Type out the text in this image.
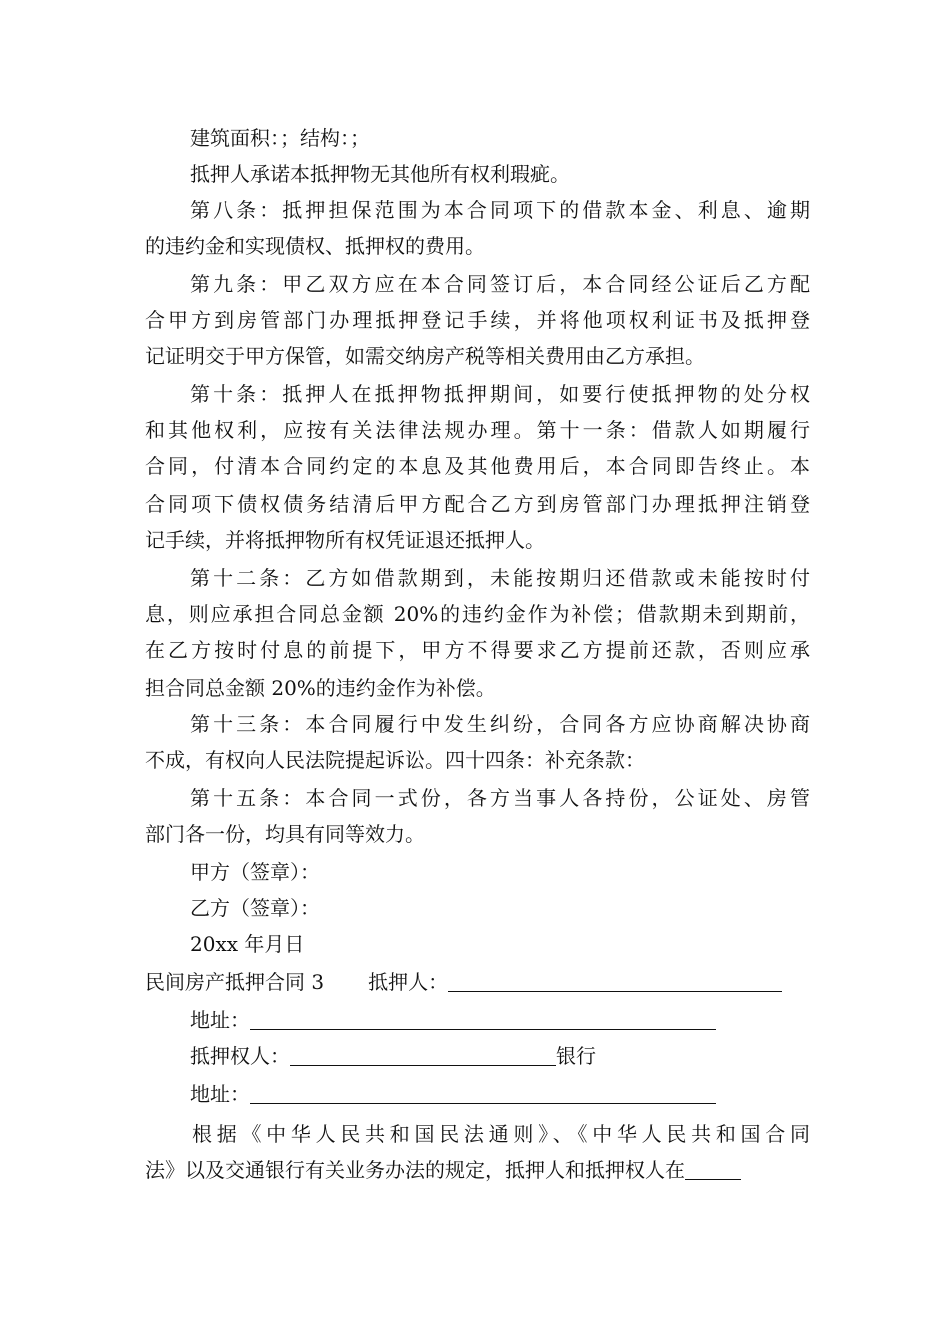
建筑面积：；结构：；
抵押人承诺本抵押物无其他所有权利瑕疵。
第八条：抵押担保范围为本合同项下的借款本金、利息、逾期
的违约金和实现债权、抵押权的费用。
第九条：甲乙双方应在本合同签订后，本合同经公证后乙方配
合甲方到房管部门办理抵押登记手续，并将他项权利证书及抵押登
记证明交于甲方保管，如需交纳房产税等相关费用由乙方承担。
第十条：抵押人在抵押物抵押期间，如要行使抵押物的处分权
和其他权利，应按有关法律法规办理。第十一条：借款人如期履行
合同，付清本合同约定的本息及其他费用后，本合同即告终止。本
合同项下债权债务结清后甲方配合乙方到房管部门办理抵押注销登
记手续，并将抵押物所有权凭证退还抵押人。
第十二条：乙方如借款期到，未能按期归还借款或未能按时付
息，则应承担合同总金额 20%的违约金作为补偿；借款期未到期前，
在乙方按时付息的前提下，甲方不得要求乙方提前还款，否则应承
担合同总金额 20%的违约金作为补偿。
第十三条：本合同履行中发生纠纷，合同各方应协商解决协商
不成，有权向人民法院提起诉讼。四十四条：补充条款：
第十五条：本合同一式份，各方当事人各持份，公证处、房管
部门各一份，均具有同等效力。
甲方（签章）：
乙方（签章）：
20xx 年月日
民间房产抵押合同 3 抵押人：
地址：
抵押权人：	银行
地址：
根据《中华人民共和国民法通则》、《中华人民共和国合同
法》以及交通银行有关业务办法的规定，抵押人和抵押权人在
